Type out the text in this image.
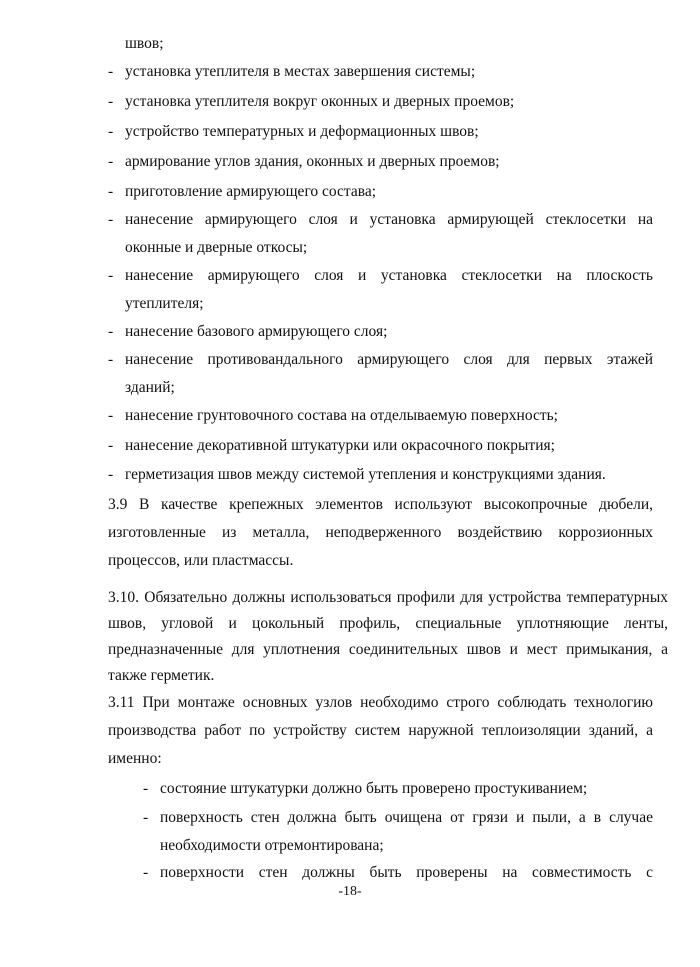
швов;
- установка утеплителя в местах завершения системы;
- установка утеплителя вокруг оконных и дверных проемов;
- устройство температурных и деформационных швов;
- армирование углов здания, оконных и дверных проемов;
- приготовление армирующего состава;
- нанесение армирующего слоя и установка армирующей стеклосетки на
оконные и дверные откосы;
- нанесение армирующего слоя и установка стеклосетки на плоскость
утеплителя;
- нанесение базового армирующего слоя;
- нанесение противовандального армирующего слоя для первых этажей
зданий;
- нанесение грунтовочного состава на отделываемую поверхность;
- нанесение декоративной штукатурки или окрасочного покрытия;
- герметизация швов между системой утепления и конструкциями здания.
3.9 В качестве крепежных элементов используют высокопрочные дюбели,
изготовленные из металла, неподверженного воздействию коррозионных
процессов, или пластмассы.
3.10. Обязательно должны использоваться профили для устройства температурных
швов, угловой и цокольный профиль, специальные уплотняющие ленты,
предназначенные для уплотнения соединительных швов и мест примыкания, а
также герметик.
3.11 При монтаже основных узлов необходимо строго соблюдать технологию
производства работ по устройству систем наружной теплоизоляции зданий, а
именно:
- состояние штукатурки должно быть проверено простукиванием;
- поверхность стен должна быть очищена от грязи и пыли, а в случае
необходимости отремонтирована;
- поверхности стен должны быть проверены на совместимость с
-18-
